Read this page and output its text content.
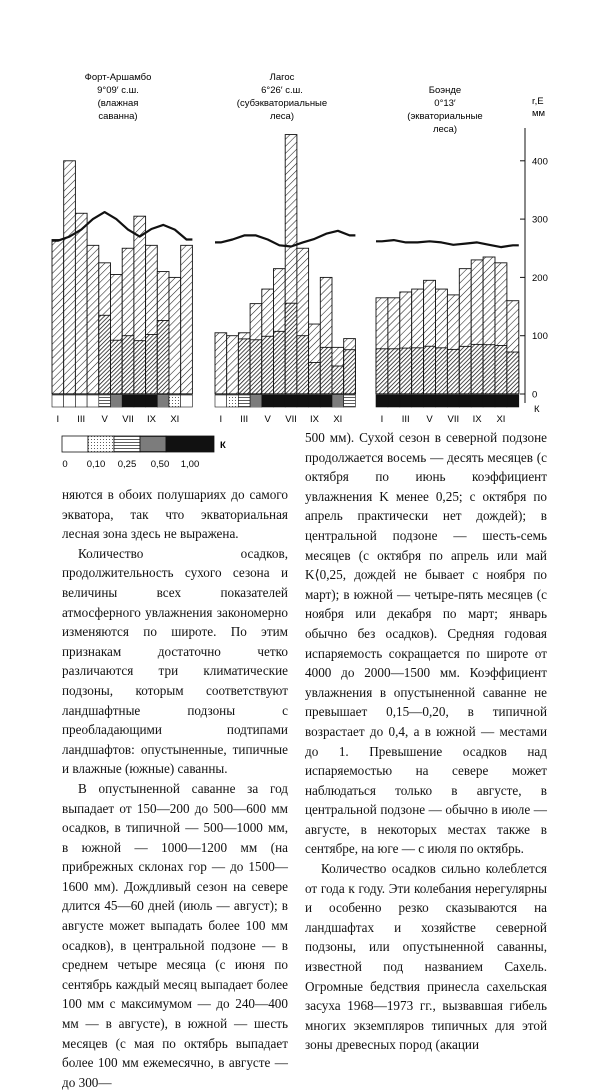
Форт-Аршамбо
9°09′ с.ш.
(влажная
саванна)
Лагос
6°26′ с.ш.
(субэкваториальные
леса)
Боэнде
0°13′
(экваториальные
леса)
r,E
мм
400
300
200
100
0
К
I III V VII IX XI	I III V VII IX XI	I III V VII IX XI
К
0 0,10 0,25 0,50 1,00

няются в обоих полушариях до самого экватора, так что экваториальная лесная зона здесь не выражена.

Количество осадков, продолжительность сухого сезона и величины всех показателей атмосферного увлажнения закономерно изменяются по широте. По этим признакам достаточно четко различаются три климатические подзоны, которым соответствуют ландшафтные подзоны с преобладающими подтипами ландшафтов: опустыненные, типичные и влажные (южные) саванны.

В опустыненной саванне за год выпадает от 150—200 до 500—600 мм осадков, в типичной — 500—1000 мм, в южной — 1000—1200 мм (на прибрежных склонах гор — до 1500—1600 мм). Дождливый сезон на севере длится 45—60 дней (июль — август); в августе может выпадать более 100 мм осадков), в центральной подзоне — в среднем четыре месяца (с июня по сентябрь каждый месяц выпадает более 100 мм с максимумом — до 240—400 мм — в августе), в южной — шесть месяцев (с мая по октябрь выпадает более 100 мм ежемесячно, в августе — до 300—

500 мм). Сухой сезон в северной подзоне продолжается восемь — десять месяцев (с октября по июнь коэффициент увлажнения K менее 0,25; с октября по апрель практически нет дождей); в центральной подзоне — шесть-семь месяцев (с октября по апрель или май K⟨0,25, дождей не бывает с ноября по март); в южной — четыре-пять месяцев (с ноября или декабря по март; январь обычно без осадков). Средняя годовая испаряемость сокращается по широте от 4000 до 2000—1500 мм. Коэффициент увлажнения в опустыненной саванне не превышает 0,15—0,20, в типичной возрастает до 0,4, а в южной — местами до 1. Превышение осадков над испаряемостью на севере может наблюдаться только в августе, в центральной подзоне — обычно в июле — августе, в некоторых местах также в сентябре, на юге — с июля по октябрь.

Количество осадков сильно колеблется от года к году. Эти колебания нерегулярны и особенно резко сказываются на ландшафтах и хозяйстве северной подзоны, или опустыненной саванны, известной под названием Сахель. Огромные бедствия принесла сахельская засуха 1968—1973 гг., вызвавшая гибель многих экземпляров типичных для этой зоны древесных пород (акации
